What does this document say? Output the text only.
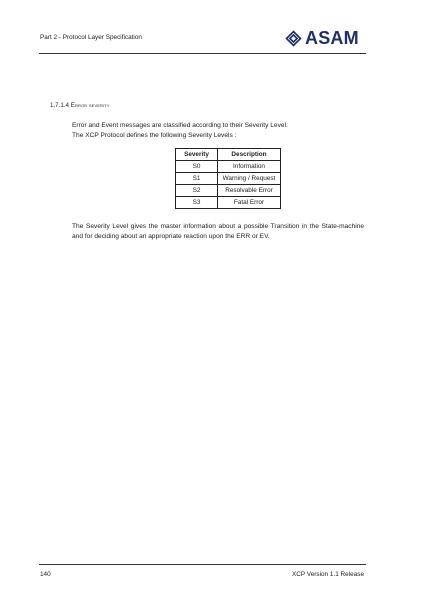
Part 2 - Protocol Layer Specification	ASAM
1.7.1.4 Error severity
Error and Event messages are classified according to their Severity Level.
The XCP Protocol defines the following Severity Levels :
Severity	Description
S0	Information
S1	Warning / Request
S2	Resolvable Error
S3	Fatal Error

The Severity Level gives the master information about a possible Transition in the State-machine and for deciding about an appropriate reaction upon the ERR or EV.

140	XCP Version 1.1 Release
